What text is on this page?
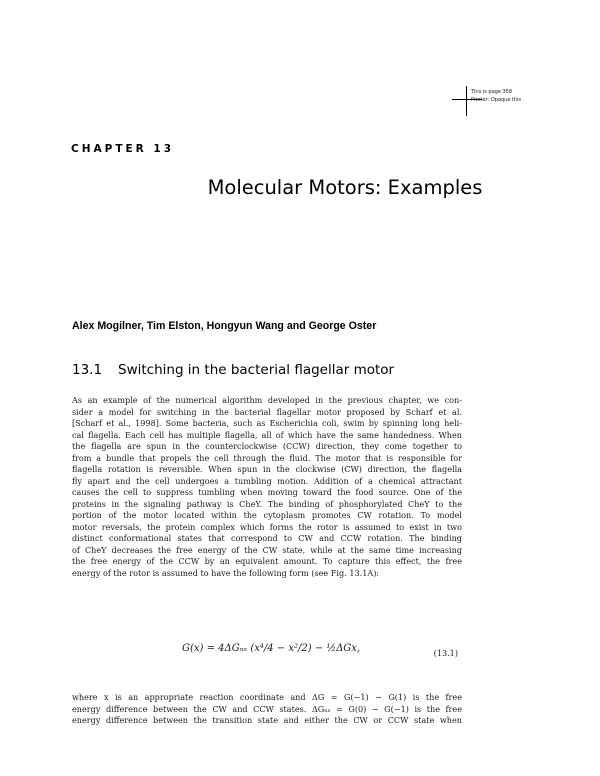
This is page 358
Printer: Opaque this
CHAPTER 13
Molecular Motors: Examples
Alex Mogilner, Tim Elston, Hongyun Wang and George Oster
13.1 Switching in the bacterial flagellar motor
As an example of the numerical algorithm developed in the previous chapter, we con-
sider a model for switching in the bacterial flagellar motor proposed by Scharf et al.
[Scharf et al., 1998]. Some bacteria, such as Escherichia coli, swim by spinning long heli-
cal flagella. Each cell has multiple flagella, all of which have the same handedness. When
the flagella are spun in the counterclockwise (CCW) direction, they come together to
from a bundle that propels the cell through the fluid. The motor that is responsible for
flagella rotation is reversible. When spun in the clockwise (CW) direction, the flagella
fly apart and the cell undergoes a tumbling motion. Addition of a chemical attractant
causes the cell to suppress tumbling when moving toward the food source. One of the
proteins in the signaling pathway is CheY. The binding of phosphorylated CheY to the
portion of the motor located within the cytoplasm promotes CW rotation. To model
motor reversals, the protein complex which forms the rotor is assumed to exist in two
distinct conformational states that correspond to CW and CCW rotation. The binding
of CheY decreases the free energy of the CW state, while at the same time increasing
the free energy of the CCW by an equivalent amount. To capture this effect, the free
energy of the rotor is assumed to have the following form (see Fig. 13.1A):
G(x) = 4ΔGₙₛ (x⁴/4 − x²/2) − ½ΔGx,	(13.1)
where x is an appropriate reaction coordinate and ΔG = G(−1) − G(1) is the free
energy difference between the CW and CCW states. ΔGₙₛ = G(0) − G(−1) is the free
energy difference between the transition state and either the CW or CCW state when
